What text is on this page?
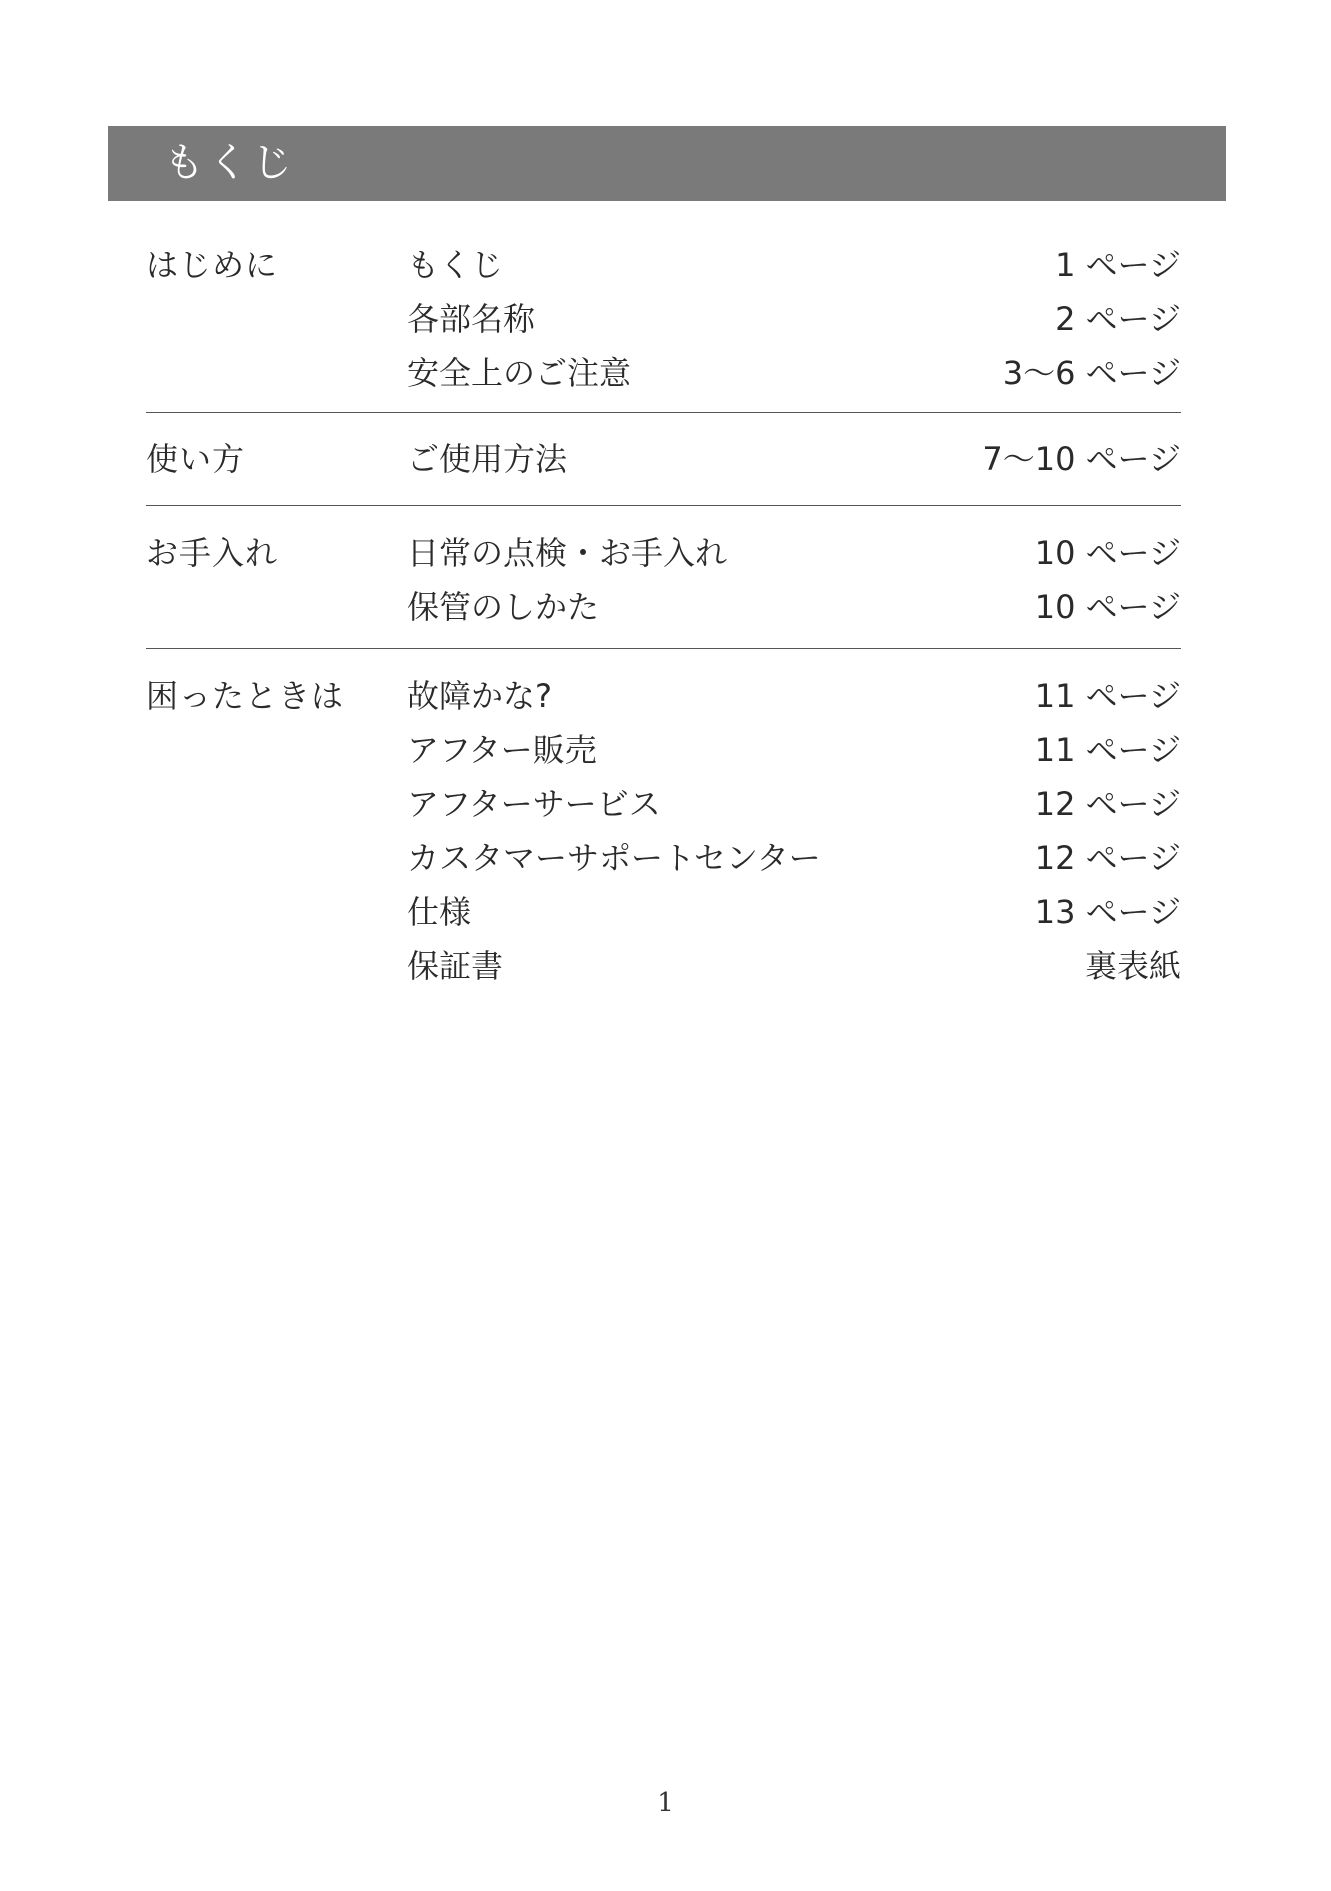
もくじ
はじめに	もくじ	1 ページ
各部名称	2 ページ
安全上のご注意	3〜6 ページ
使い方	ご使用方法	7〜10 ページ
お手入れ	日常の点検・お手入れ	10 ページ
保管のしかた	10 ページ
困ったときは 故障かな?	11 ページ
アフター販売	11 ページ
アフターサービス	12 ページ
カスタマーサポートセンター	12 ページ
仕様	13 ページ
保証書	裏表紙
1
